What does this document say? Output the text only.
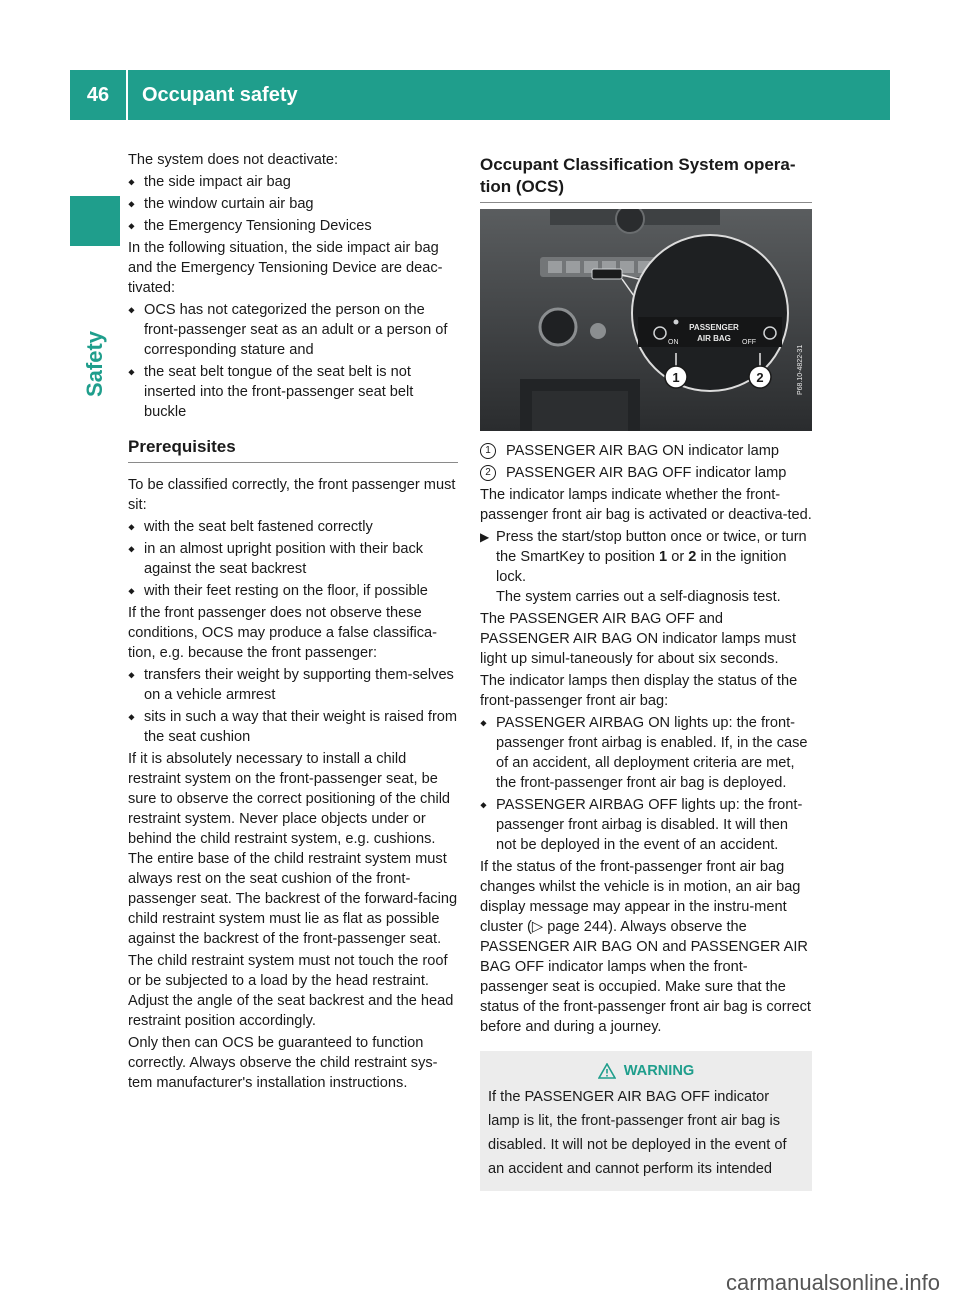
46	Occupant safety
Safety

The system does not deactivate:

■ the side impact air bag
■ the window curtain air bag
■ the Emergency Tensioning Devices

In the following situation, the side impact air bag and the Emergency Tensioning Device are deac-tivated:

■ OCS has not categorized the person on the front-passenger seat as an adult or a person of corresponding stature and
■ the seat belt tongue of the seat belt is not inserted into the front-passenger seat belt buckle
Prerequisites

To be classified correctly, the front passenger must sit:

■ with the seat belt fastened correctly
■ in an almost upright position with their back against the seat backrest
■ with their feet resting on the floor, if possible

If the front passenger does not observe these conditions, OCS may produce a false classifica-tion, e.g. because the front passenger:

■ transfers their weight by supporting them-selves on a vehicle armrest
■ sits in such a way that their weight is raised from the seat cushion

If it is absolutely necessary to install a child restraint system on the front-passenger seat, be sure to observe the correct positioning of the child restraint system. Never place objects under or behind the child restraint system, e.g. cushions. The entire base of the child restraint system must always rest on the seat cushion of the front-passenger seat. The backrest of the forward-facing child restraint system must lie as flat as possible against the backrest of the front-passenger seat.

The child restraint system must not touch the roof or be subjected to a load by the head restraint. Adjust the angle of the seat backrest and the head restraint position accordingly.

Only then can OCS be guaranteed to function correctly. Always observe the child restraint sys-tem manufacturer's installation instructions.

Occupant Classification System opera-tion (OCS)
PASSENGER
AIR BAG
ON	OFF
P68.10-4822-31
1	2
1	PASSENGER AIR BAG ON indicator lamp
2	PASSENGER AIR BAG OFF indicator lamp

The indicator lamps indicate whether the front-passenger front air bag is activated or deactiva-ted.

▶ Press the start/stop button once or twice, or turn the SmartKey to position 1 or 2 in the ignition lock.
The system carries out a self-diagnosis test.

The PASSENGER AIR BAG OFF and PASSENGER AIR BAG ON indicator lamps must light up simul-taneously for about six seconds.

The indicator lamps then display the status of the front-passenger front air bag:

■ PASSENGER AIRBAG ON lights up: the front-passenger front airbag is enabled. If, in the case of an accident, all deployment criteria are met, the front-passenger front air bag is deployed.
■ PASSENGER AIRBAG OFF lights up: the front-passenger front airbag is disabled. It will then not be deployed in the event of an accident.

If the status of the front-passenger front air bag changes whilst the vehicle is in motion, an air bag display message may appear in the instru-ment cluster (▷ page 244). Always observe the PASSENGER AIR BAG ON and PASSENGER AIR BAG OFF indicator lamps when the front-passenger seat is occupied. Make sure that the status of the front-passenger front air bag is correct before and during a journey.

WARNING
If the PASSENGER AIR BAG OFF indicator lamp is lit, the front-passenger front air bag is disabled. It will not be deployed in the event of an accident and cannot perform its intended
carmanualsonline.info
